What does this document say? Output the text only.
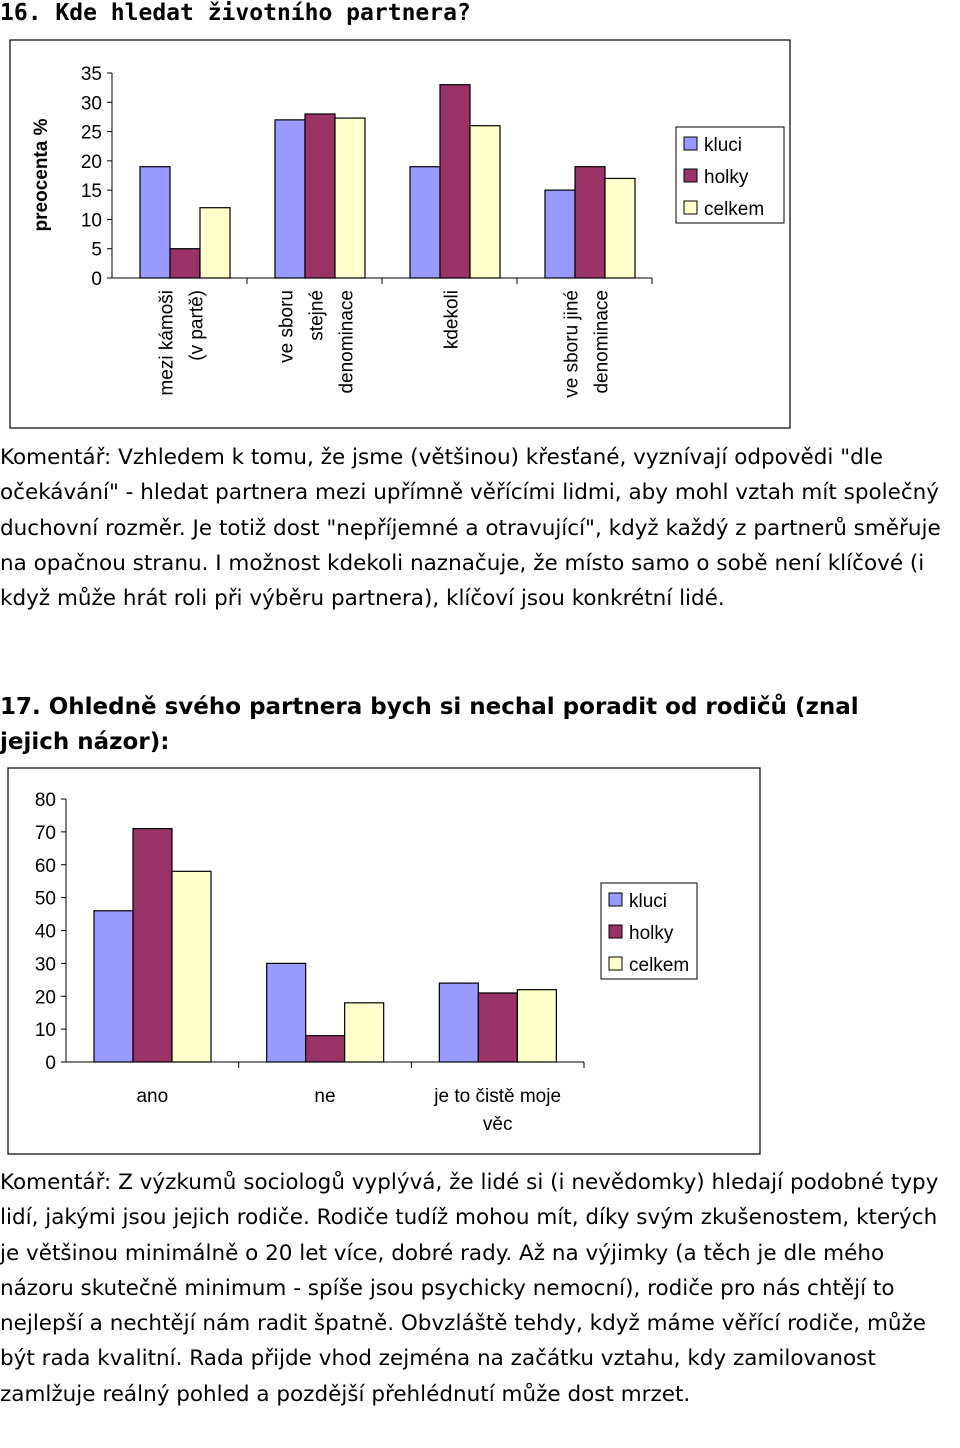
16. Kde hledat životního partnera?
35
30
25
20
15
10
5
0
mezi kámoši (v partě)	ve sboru stejné denominace	kdekoli	ve sboru jiné denominace
preocenta %	kluci
holky
celkem
Komentář: Vzhledem k tomu, že jsme (většinou) křesťané, vyznívají odpovědi "dle očekávání" - hledat partnera mezi upřímně věřícími lidmi, aby mohl vztah mít společný duchovní rozměr. Je totiž dost "nepříjemné a otravující", když každý z partnerů směřuje na opačnou stranu. I možnost kdekoli naznačuje, že místo samo o sobě není klíčové (i když může hrát roli při výběru partnera), klíčoví jsou konkrétní lidé.
17. Ohledně svého partnera bych si nechal poradit od rodičů (znal jejich názor):
80
70
60
50
40
30
20
10
0
ano	ne	je to čistě moje
věc
kluci
holky
celkem
Komentář: Z výzkumů sociologů vyplývá, že lidé si (i nevědomky) hledají podobné typy lidí, jakými jsou jejich rodiče. Rodiče tudíž mohou mít, díky svým zkušenostem, kterých je většinou minimálně o 20 let více, dobré rady. Až na výjimky (a těch je dle mého názoru skutečně minimum - spíše jsou psychicky nemocní), rodiče pro nás chtějí to nejlepší a nechtějí nám radit špatně. Obvzláště tehdy, když máme věřící rodiče, může být rada kvalitní. Rada přijde vhod zejména na začátku vztahu, kdy zamilovanost zamlžuje reálný pohled a pozdější přehlédnutí může dost mrzet.
